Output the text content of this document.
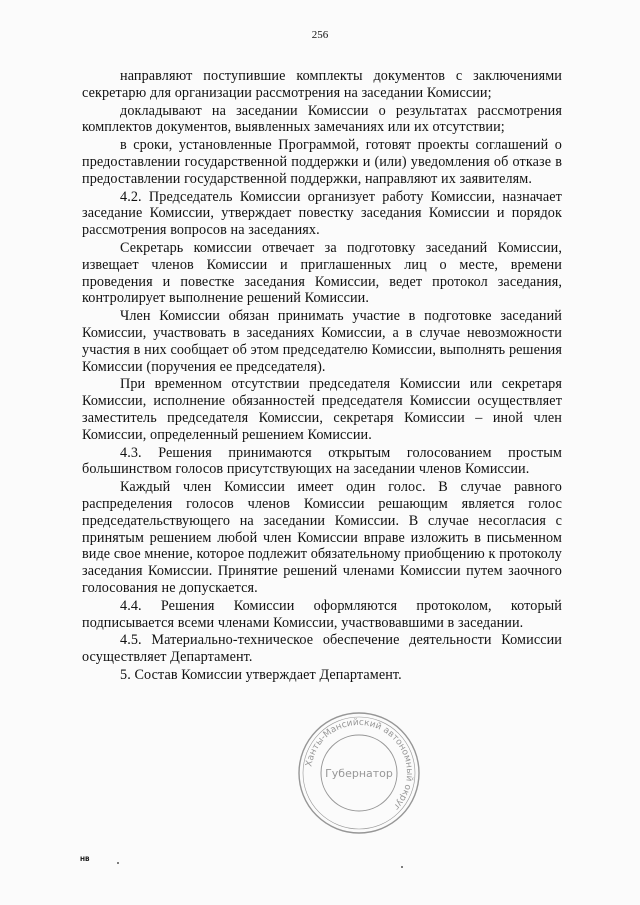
256

направляют поступившие комплекты документов с заключениями секретарю для организации рассмотрения на заседании Комиссии;

докладывают на заседании Комиссии о результатах рассмотрения комплектов документов, выявленных замечаниях или их отсутствии;

в сроки, установленные Программой, готовят проекты соглашений о предоставлении государственной поддержки и (или) уведомления об отказе в предоставлении государственной поддержки, направляют их заявителям.

4.2. Председатель Комиссии организует работу Комиссии, назначает заседание Комиссии, утверждает повестку заседания Комиссии и порядок рассмотрения вопросов на заседаниях.

Секретарь комиссии отвечает за подготовку заседаний Комиссии, извещает членов Комиссии и приглашенных лиц о месте, времени проведения и повестке заседания Комиссии, ведет протокол заседания, контролирует выполнение решений Комиссии.

Член Комиссии обязан принимать участие в подготовке заседаний Комиссии, участвовать в заседаниях Комиссии, а в случае невозможности участия в них сообщает об этом председателю Комиссии, выполнять решения Комиссии (поручения ее председателя).

При временном отсутствии председателя Комиссии или секретаря Комиссии, исполнение обязанностей председателя Комиссии осуществляет заместитель председателя Комиссии, секретаря Комиссии – иной член Комиссии, определенный решением Комиссии.

4.3. Решения принимаются открытым голосованием простым большинством голосов присутствующих на заседании членов Комиссии.

Каждый член Комиссии имеет один голос. В случае равного распределения голосов членов Комиссии решающим является голос председательствующего на заседании Комиссии. В случае несогласия с принятым решением любой член Комиссии вправе изложить в письменном виде свое мнение, которое подлежит обязательному приобщению к протоколу заседания Комиссии. Принятие решений членами Комиссии путем заочного голосования не допускается.

4.4. Решения Комиссии оформляются протоколом, который подписывается всеми членами Комиссии, участвовавшими в заседании.

4.5. Материально-техническое обеспечение деятельности Комиссии осуществляет Департамент.

5. Состав Комиссии утверждает Департамент.

Ханты-Мансийский автономный округ
Губернатор
НВ
